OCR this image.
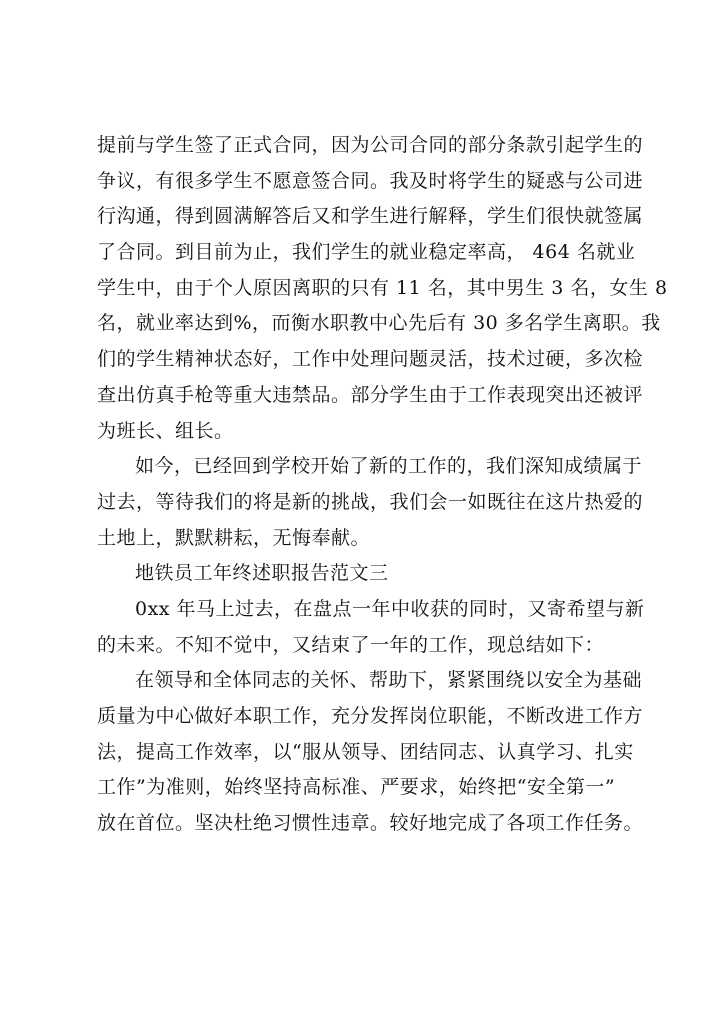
提前与学生签了正式合同，因为公司合同的部分条款引起学生的
争议，有很多学生不愿意签合同。我及时将学生的疑惑与公司进
行沟通，得到圆满解答后又和学生进行解释，学生们很快就签属
了合同。到目前为止，我们学生的就业稳定率高， 464 名就业
学生中，由于个人原因离职的只有 11 名，其中男生 3 名，女生 8
名，就业率达到%，而衡水职教中心先后有 30 多名学生离职。我
们的学生精神状态好，工作中处理问题灵活，技术过硬，多次检
查出仿真手枪等重大违禁品。部分学生由于工作表现突出还被评
为班长、组长。
如今，已经回到学校开始了新的工作的，我们深知成绩属于
过去，等待我们的将是新的挑战，我们会一如既往在这片热爱的
土地上，默默耕耘，无悔奉献。
地铁员工年终述职报告范文三
0xx 年马上过去，在盘点一年中收获的同时，又寄希望与新
的未来。不知不觉中，又结束了一年的工作，现总结如下：
在领导和全体同志的关怀、帮助下，紧紧围绕以安全为基础
质量为中心做好本职工作，充分发挥岗位职能，不断改进工作方
法，提高工作效率，以“服从领导、团结同志、认真学习、扎实
工作”为准则，始终坚持高标准、严要求，始终把“安全第一”
放在首位。坚决杜绝习惯性违章。较好地完成了各项工作任务。
